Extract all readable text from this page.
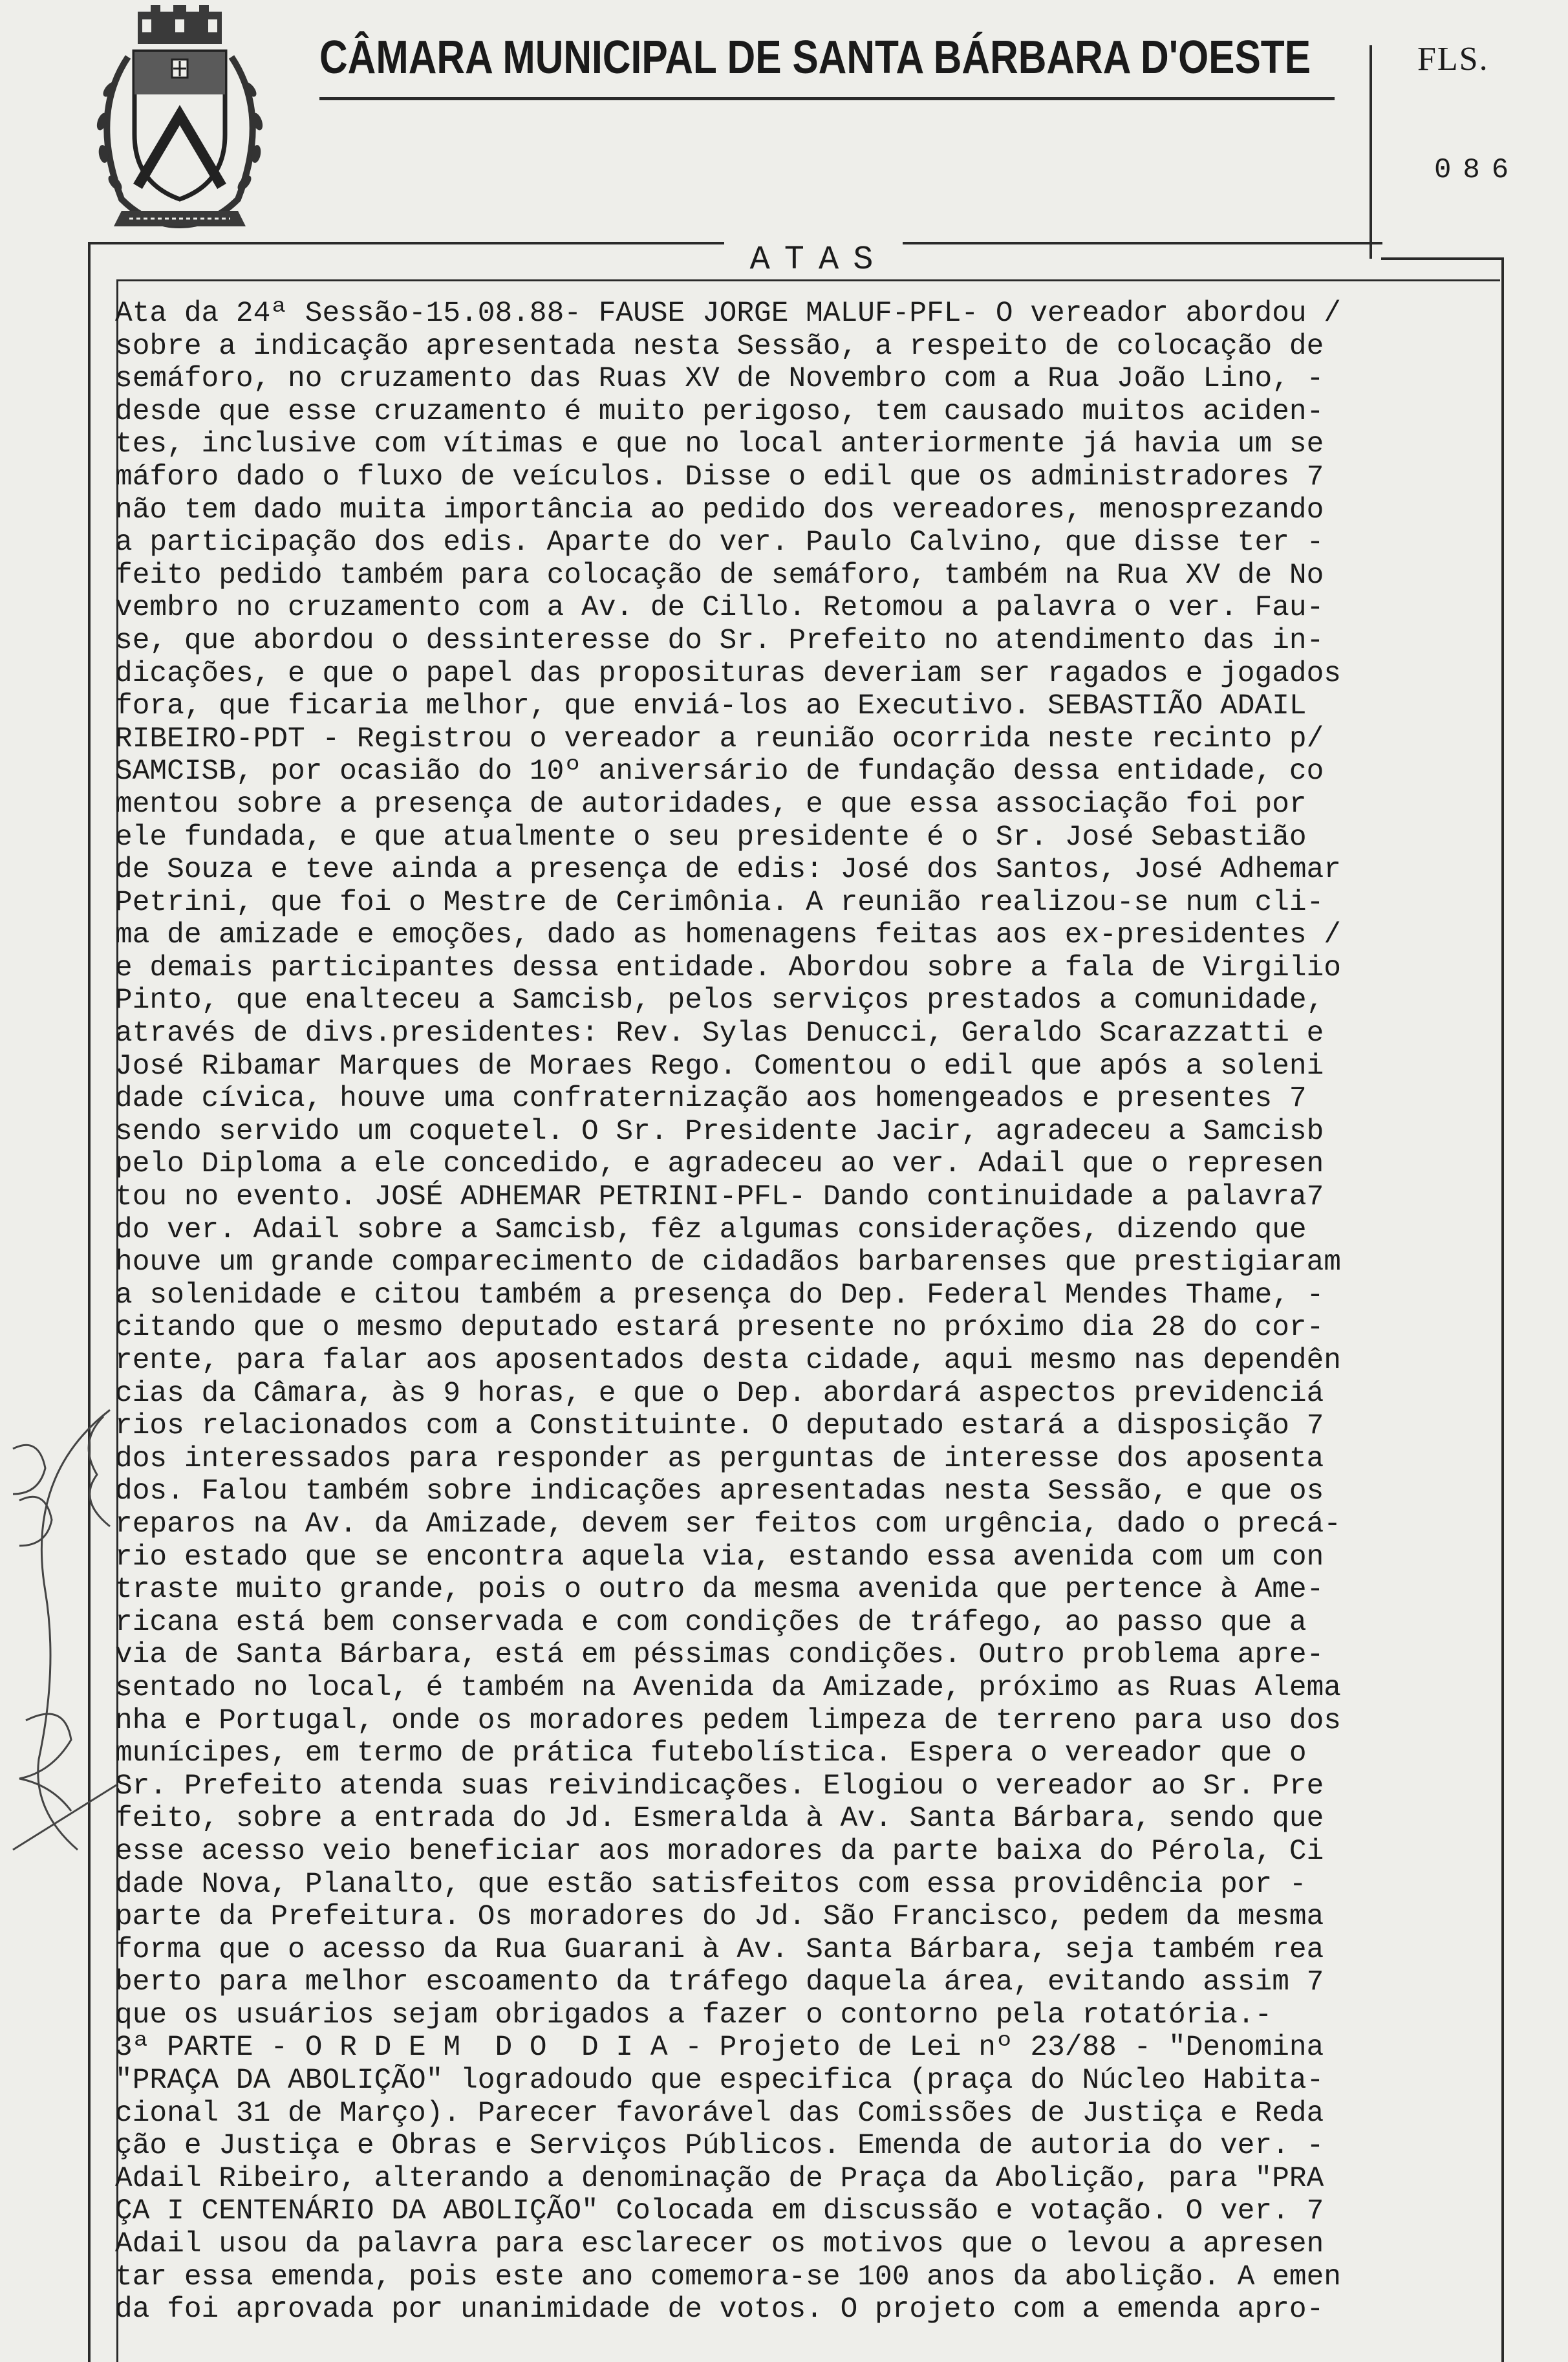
CÂMARA MUNICIPAL DE SANTA BÁRBARA D'OESTE	FLS.
086
ATAS
Ata da 24ª Sessão-15.08.88- FAUSE JORGE MALUF-PFL- O vereador abordou /
sobre a indicação apresentada nesta Sessão, a respeito de colocação de
semáforo, no cruzamento das Ruas XV de Novembro com a Rua João Lino, -
desde que esse cruzamento é muito perigoso, tem causado muitos aciden-
tes, inclusive com vítimas e que no local anteriormente já havia um se
máforo dado o fluxo de veículos. Disse o edil que os administradores 7
não tem dado muita importância ao pedido dos vereadores, menosprezando
a participação dos edis. Aparte do ver. Paulo Calvino, que disse ter -
feito pedido também para colocação de semáforo, também na Rua XV de No
vembro no cruzamento com a Av. de Cillo. Retomou a palavra o ver. Fau-
se, que abordou o dessinteresse do Sr. Prefeito no atendimento das in-
dicações, e que o papel das proposituras deveriam ser ragados e jogados
fora, que ficaria melhor, que enviá-los ao Executivo. SEBASTIÃO ADAIL
RIBEIRO-PDT - Registrou o vereador a reunião ocorrida neste recinto p/
SAMCISB, por ocasião do 10º aniversário de fundação dessa entidade, co
mentou sobre a presença de autoridades, e que essa associação foi por
ele fundada, e que atualmente o seu presidente é o Sr. José Sebastião
de Souza e teve ainda a presença de edis: José dos Santos, José Adhemar
Petrini, que foi o Mestre de Cerimônia. A reunião realizou-se num cli-
ma de amizade e emoções, dado as homenagens feitas aos ex-presidentes /
e demais participantes dessa entidade. Abordou sobre a fala de Virgilio
Pinto, que enalteceu a Samcisb, pelos serviços prestados a comunidade,
através de divs.presidentes: Rev. Sylas Denucci, Geraldo Scarazzatti e
José Ribamar Marques de Moraes Rego. Comentou o edil que após a soleni
dade cívica, houve uma confraternização aos homengeados e presentes 7
sendo servido um coquetel. O Sr. Presidente Jacir, agradeceu a Samcisb
pelo Diploma a ele concedido, e agradeceu ao ver. Adail que o represen
tou no evento. JOSÉ ADHEMAR PETRINI-PFL- Dando continuidade a palavra7
do ver. Adail sobre a Samcisb, fêz algumas considerações, dizendo que
houve um grande comparecimento de cidadãos barbarenses que prestigiaram
a solenidade e citou também a presença do Dep. Federal Mendes Thame, -
citando que o mesmo deputado estará presente no próximo dia 28 do cor-
rente, para falar aos aposentados desta cidade, aqui mesmo nas dependên
cias da Câmara, às 9 horas, e que o Dep. abordará aspectos previdenciá
rios relacionados com a Constituinte. O deputado estará a disposição 7
dos interessados para responder as perguntas de interesse dos aposenta
dos. Falou também sobre indicações apresentadas nesta Sessão, e que os
reparos na Av. da Amizade, devem ser feitos com urgência, dado o precá-
rio estado que se encontra aquela via, estando essa avenida com um con
traste muito grande, pois o outro da mesma avenida que pertence à Ame-
ricana está bem conservada e com condições de tráfego, ao passo que a
via de Santa Bárbara, está em péssimas condições. Outro problema apre-
sentado no local, é também na Avenida da Amizade, próximo as Ruas Alema
nha e Portugal, onde os moradores pedem limpeza de terreno para uso dos
munícipes, em termo de prática futebolística. Espera o vereador que o
Sr. Prefeito atenda suas reivindicações. Elogiou o vereador ao Sr. Pre
feito, sobre a entrada do Jd. Esmeralda à Av. Santa Bárbara, sendo que
esse acesso veio beneficiar aos moradores da parte baixa do Pérola, Ci
dade Nova, Planalto, que estão satisfeitos com essa providência por -
parte da Prefeitura. Os moradores do Jd. São Francisco, pedem da mesma
forma que o acesso da Rua Guarani à Av. Santa Bárbara, seja também rea
berto para melhor escoamento da tráfego daquela área, evitando assim 7
que os usuários sejam obrigados a fazer o contorno pela rotatória.-
3ª PARTE - O R D E M  D O  D I A - Projeto de Lei nº 23/88 - "Denomina
"PRAÇA DA ABOLIÇÃO" logradoudo que especifica (praça do Núcleo Habita-
cional 31 de Março). Parecer favorável das Comissões de Justiça e Reda
ção e Justiça e Obras e Serviços Públicos. Emenda de autoria do ver. -
Adail Ribeiro, alterando a denominação de Praça da Abolição, para "PRA
ÇA I CENTENÁRIO DA ABOLIÇÃO" Colocada em discussão e votação. O ver. 7
Adail usou da palavra para esclarecer os motivos que o levou a apresen
tar essa emenda, pois este ano comemora-se 100 anos da abolição. A emen
da foi aprovada por unanimidade de votos. O projeto com a emenda apro-
